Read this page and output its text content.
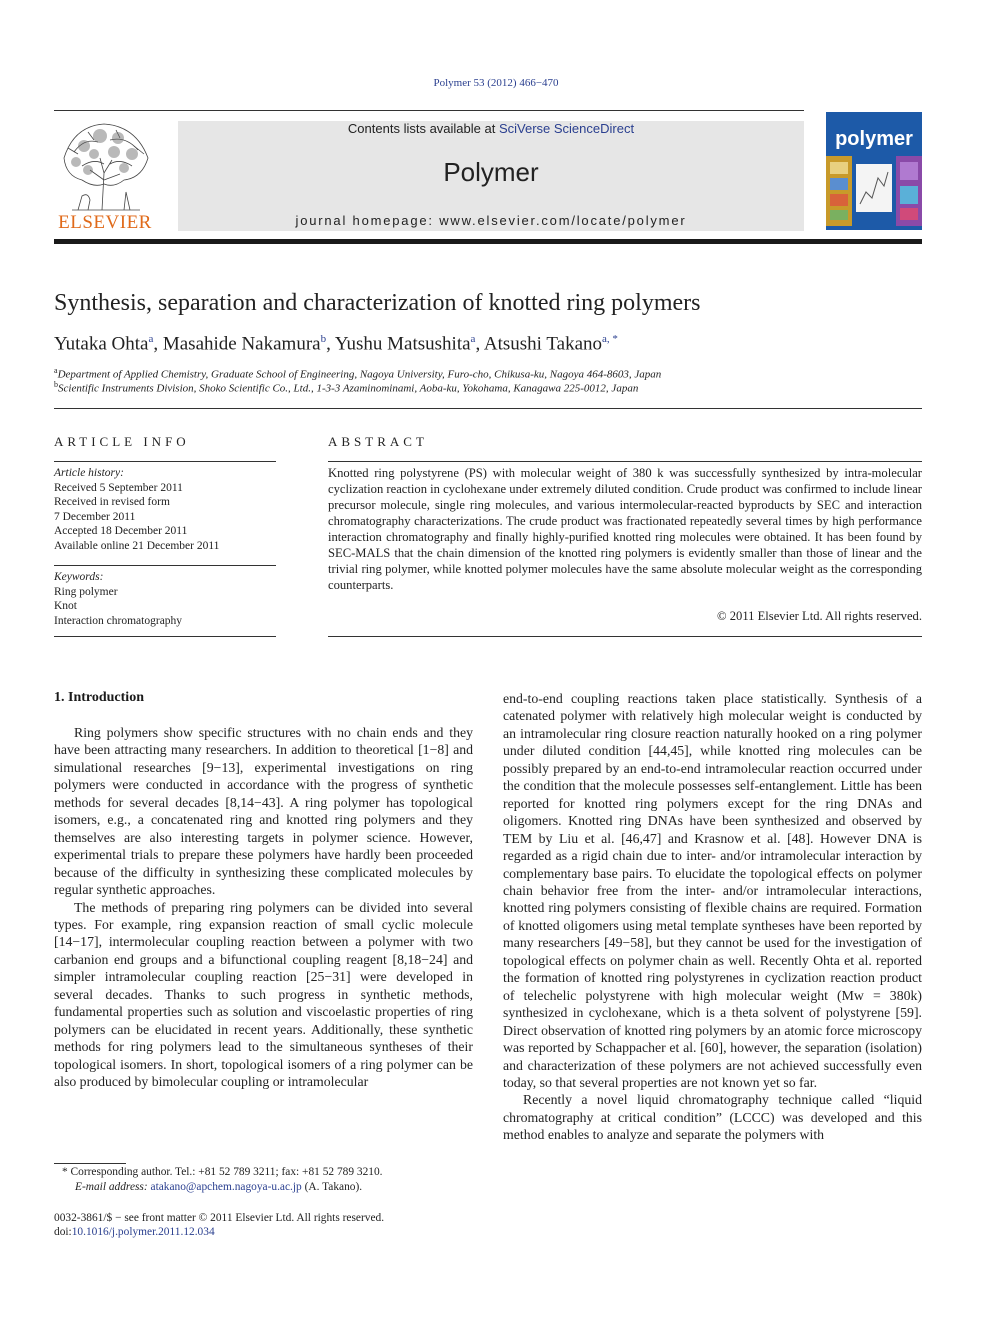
Polymer 53 (2012) 466−470
ELSEVIER
Contents lists available at SciVerse ScienceDirect
Polymer
journal homepage: www.elsevier.com/locate/polymer
polymer
Synthesis, separation and characterization of knotted ring polymers
Yutaka Ohta$^a$, Masahide Nakamura$^b$, Yushu Matsushita$^a$, Atsushi Takano$^{a, *}$
$^a$Department of Applied Chemistry, Graduate School of Engineering, Nagoya University, Furo-cho, Chikusa-ku, Nagoya 464-8603, Japan
$^b$Scientific Instruments Division, Shoko Scientific Co., Ltd., 1-3-3 Azaminominami, Aoba-ku, Yokohama, Kanagawa 225-0012, Japan
ARTICLE INFO
Article history:
Received 5 September 2011
Received in revised form
7 December 2011
Accepted 18 December 2011
Available online 21 December 2011
Keywords:
Ring polymer
Knot
Interaction chromatography
ABSTRACT
Knotted ring polystyrene (PS) with molecular weight of 380 k was successfully synthesized by intra-molecular cyclization reaction in cyclohexane under extremely diluted condition. Crude product was confirmed to include linear precursor molecule, single ring molecules, and various intermolecular-reacted byproducts by SEC and interaction chromatography characterizations. The crude product was fractionated repeatedly several times by high performance interaction chromatography and finally highly-purified knotted ring molecules were obtained. It has been found by SEC-MALS that the chain dimension of the knotted ring polymers is evidently smaller than those of linear and the trivial ring polymer, while knotted polymer molecules have the same absolute molecular weight as the corresponding counterparts.
© 2011 Elsevier Ltd. All rights reserved.
1. Introduction

Ring polymers show specific structures with no chain ends and they have been attracting many researchers. In addition to theoretical [1−8] and simulational researches [9−13], experimental investigations on ring polymers were conducted in accordance with the progress of synthetic methods for several decades [8,14−43]. A ring polymer has topological isomers, e.g., a concatenated ring and knotted ring polymers and they themselves are also interesting targets in polymer science. However, experimental trials to prepare these polymers have hardly been proceeded because of the difficulty in synthesizing these complicated molecules by regular synthetic approaches.

The methods of preparing ring polymers can be divided into several types. For example, ring expansion reaction of small cyclic molecule [14−17], intermolecular coupling reaction between a polymer with two carbanion end groups and a bifunctional coupling reagent [8,18−24] and simpler intramolecular coupling reaction [25−31] were developed in several decades. Thanks to such progress in synthetic methods, fundamental properties such as solution and viscoelastic properties of ring polymers can be elucidated in recent years. Additionally, these synthetic methods for ring polymers lead to the simultaneous syntheses of their topological isomers. In short, topological isomers of a ring polymer can be also produced by bimolecular coupling or intramolecular

end-to-end coupling reactions taken place statistically. Synthesis of a catenated polymer with relatively high molecular weight is conducted by an intramolecular ring closure reaction naturally hooked on a ring polymer under diluted condition [44,45], while knotted ring molecules can be possibly prepared by an end-to-end intramolecular reaction occurred under the condition that the molecule possesses self-entanglement. Little has been reported for knotted ring polymers except for the ring DNAs and oligomers. Knotted ring DNAs have been synthesized and observed by TEM by Liu et al. [46,47] and Krasnow et al. [48]. However DNA is regarded as a rigid chain due to inter- and/or intramolecular interaction by complementary base pairs. To elucidate the topological effects on polymer chain behavior free from the inter- and/or intramolecular interactions, knotted ring polymers consisting of flexible chains are required. Formation of knotted oligomers using metal template syntheses have been reported by many researchers [49−58], but they cannot be used for the investigation of topological effects on polymer chain as well. Recently Ohta et al. reported the formation of knotted ring polystyrenes in cyclization reaction product of telechelic polystyrene with high molecular weight (Mw = 380k) synthesized in cyclohexane, which is a theta solvent of polystyrene [59]. Direct observation of knotted ring polymers by an atomic force microscopy was reported by Schappacher et al. [60], however, the separation (isolation) and characterization of these polymers are not achieved successfully even today, so that several properties are not known yet so far.

Recently a novel liquid chromatography technique called “liquid chromatography at critical condition” (LCCC) was developed and this method enables to analyze and separate the polymers with

* Corresponding author. Tel.: +81 52 789 3211; fax: +81 52 789 3210.
E-mail address: atakano@apchem.nagoya-u.ac.jp (A. Takano).
0032-3861/$ − see front matter © 2011 Elsevier Ltd. All rights reserved.
doi:10.1016/j.polymer.2011.12.034
